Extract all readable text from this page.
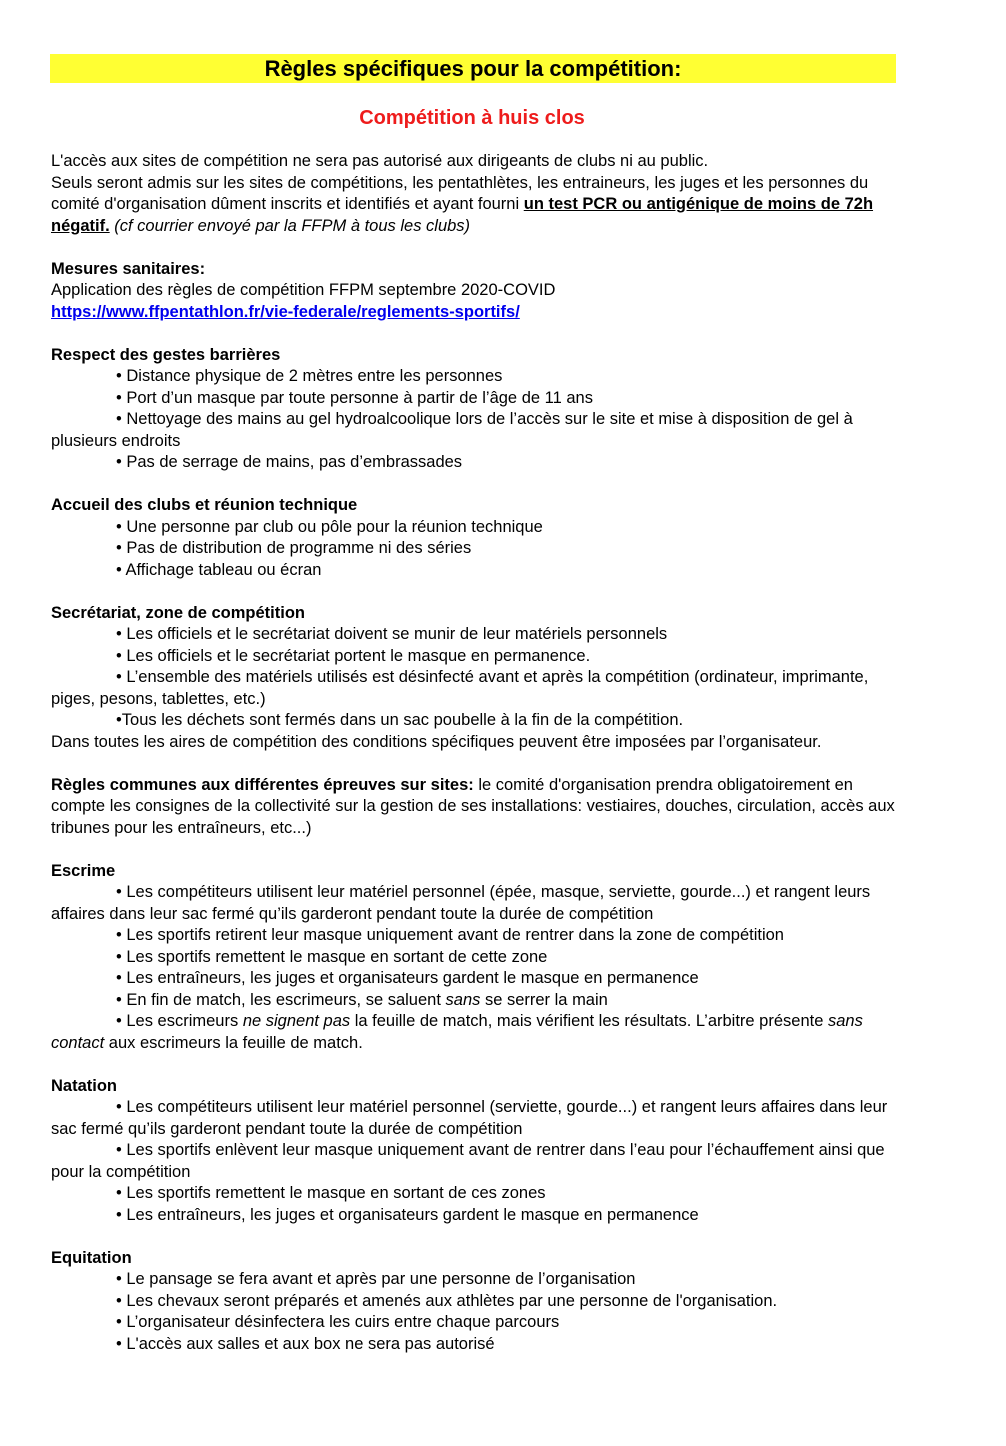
Règles spécifiques pour la compétition:
Compétition à huis clos

L'accès aux sites de compétition ne sera pas autorisé aux dirigeants de clubs ni au public.

Seuls seront admis sur les sites de compétitions, les pentathlètes, les entraineurs, les juges et les personnes du comité d'organisation dûment inscrits et identifiés et ayant fourni un test PCR ou antigénique de moins de 72h négatif. (cf courrier envoyé par la FFPM à tous les clubs)

Mesures sanitaires:

Application des règles de compétition FFPM septembre 2020-COVID

https://www.ffpentathlon.fr/vie-federale/reglements-sportifs/

Respect des gestes barrières

• Distance physique de 2 mètres entre les personnes

• Port d’un masque par toute personne à partir de l’âge de 11 ans

• Nettoyage des mains au gel hydroalcoolique lors de l’accès sur le site et mise à disposition de gel à plusieurs endroits

• Pas de serrage de mains, pas d’embrassades

Accueil des clubs et réunion technique

• Une personne par club ou pôle pour la réunion technique

• Pas de distribution de programme ni des séries

• Affichage tableau ou écran

Secrétariat, zone de compétition

• Les officiels et le secrétariat doivent se munir de leur matériels personnels

• Les officiels et le secrétariat portent le masque en permanence.

• L’ensemble des matériels utilisés est désinfecté avant et après la compétition (ordinateur, imprimante, piges, pesons, tablettes, etc.)

•Tous les déchets sont fermés dans un sac poubelle à la fin de la compétition.

Dans toutes les aires de compétition des conditions spécifiques peuvent être imposées par l’organisateur.

Règles communes aux différentes épreuves sur sites: le comité d'organisation prendra obligatoirement en compte les consignes de la collectivité sur la gestion de ses installations: vestiaires, douches, circulation, accès aux tribunes pour les entraîneurs, etc...)

Escrime

• Les compétiteurs utilisent leur matériel personnel (épée, masque, serviette, gourde...) et rangent leurs affaires dans leur sac fermé qu’ils garderont pendant toute la durée de compétition

• Les sportifs retirent leur masque uniquement avant de rentrer dans la zone de compétition

• Les sportifs remettent le masque en sortant de cette zone

• Les entraîneurs, les juges et organisateurs gardent le masque en permanence

• En fin de match, les escrimeurs, se saluent sans se serrer la main

• Les escrimeurs ne signent pas la feuille de match, mais vérifient les résultats. L’arbitre présente sans contact aux escrimeurs la feuille de match.

Natation

• Les compétiteurs utilisent leur matériel personnel (serviette, gourde...) et rangent leurs affaires dans leur sac fermé qu’ils garderont pendant toute la durée de compétition

• Les sportifs enlèvent leur masque uniquement avant de rentrer dans l’eau pour l’échauffement ainsi que pour la compétition

• Les sportifs remettent le masque en sortant de ces zones

• Les entraîneurs, les juges et organisateurs gardent le masque en permanence

Equitation

• Le pansage se fera avant et après par une personne de l’organisation

• Les chevaux seront préparés et amenés aux athlètes par une personne de l'organisation.

• L’organisateur désinfectera les cuirs entre chaque parcours

• L'accès aux salles et aux box ne sera pas autorisé
